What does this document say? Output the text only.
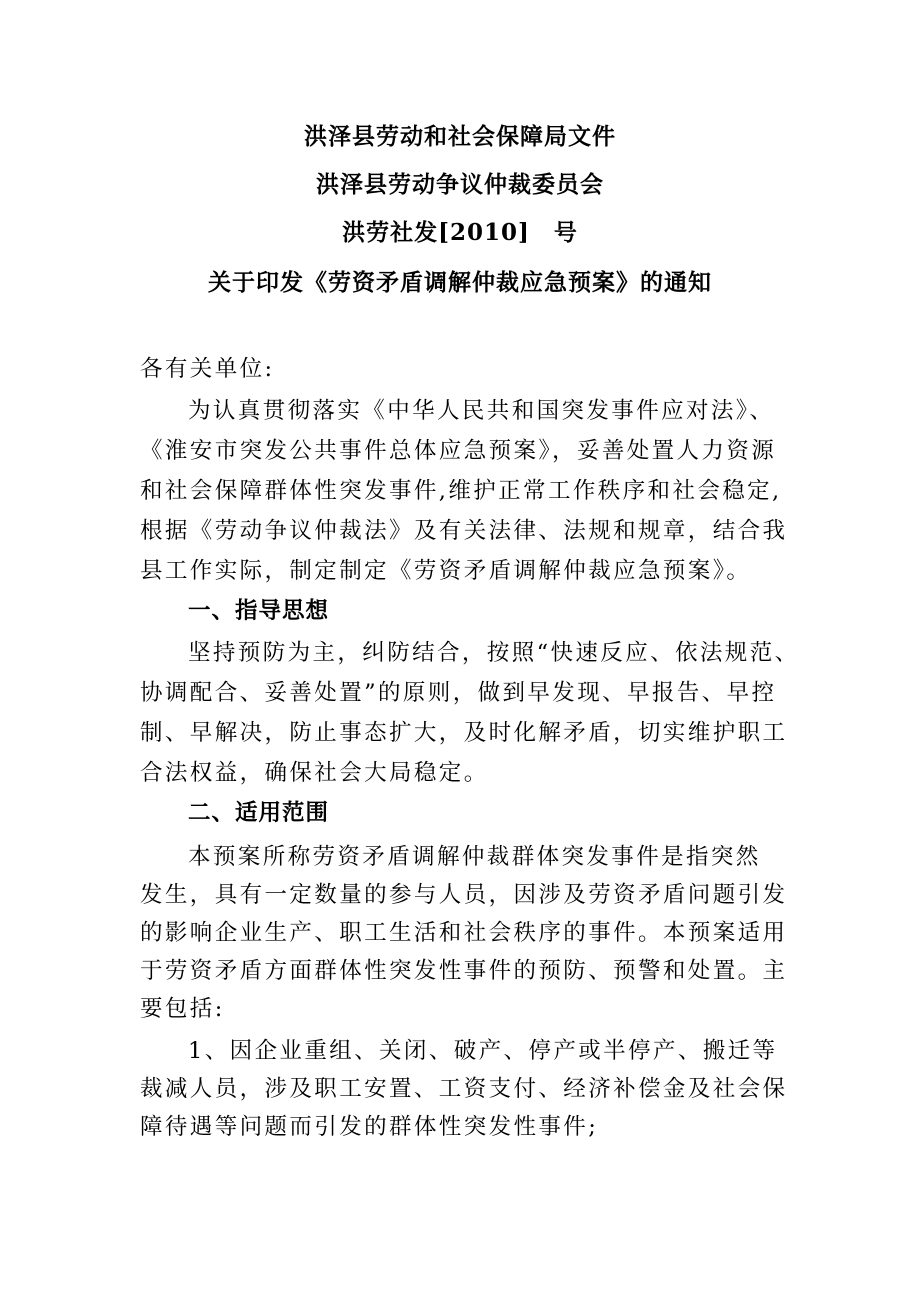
洪泽县劳动和社会保障局文件
洪泽县劳动争议仲裁委员会
洪劳社发[2010]　号
关于印发《劳资矛盾调解仲裁应急预案》的通知
各有关单位:
为认真贯彻落实《中华人民共和国突发事件应对法》、
《淮安市突发公共事件总体应急预案》，妥善处置人力资源
和社会保障群体性突发事件,维护正常工作秩序和社会稳定,
根据《劳动争议仲裁法》及有关法律、法规和规章，结合我
县工作实际，制定制定《劳资矛盾调解仲裁应急预案》。
一、指导思想
坚持预防为主，纠防结合，按照“快速反应、依法规范、
协调配合、妥善处置”的原则，做到早发现、早报告、早控
制、早解决，防止事态扩大，及时化解矛盾，切实维护职工
合法权益，确保社会大局稳定。
二、适用范围
本预案所称劳资矛盾调解仲裁群体突发事件是指突然
发生，具有一定数量的参与人员，因涉及劳资矛盾问题引发
的影响企业生产、职工生活和社会秩序的事件。本预案适用
于劳资矛盾方面群体性突发性事件的预防、预警和处置。主
要包括:
1、因企业重组、关闭、破产、停产或半停产、搬迁等
裁减人员，涉及职工安置、工资支付、经济补偿金及社会保
障待遇等问题而引发的群体性突发性事件;
